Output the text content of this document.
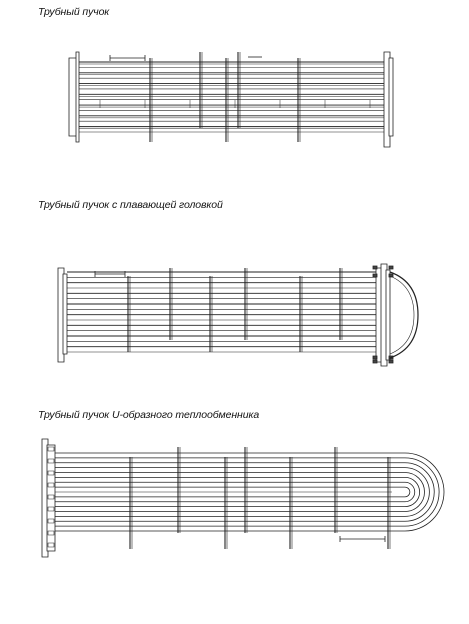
Трубный пучок
Трубный пучок с плавающей головкой
Трубный пучок U-образного теплообменника
